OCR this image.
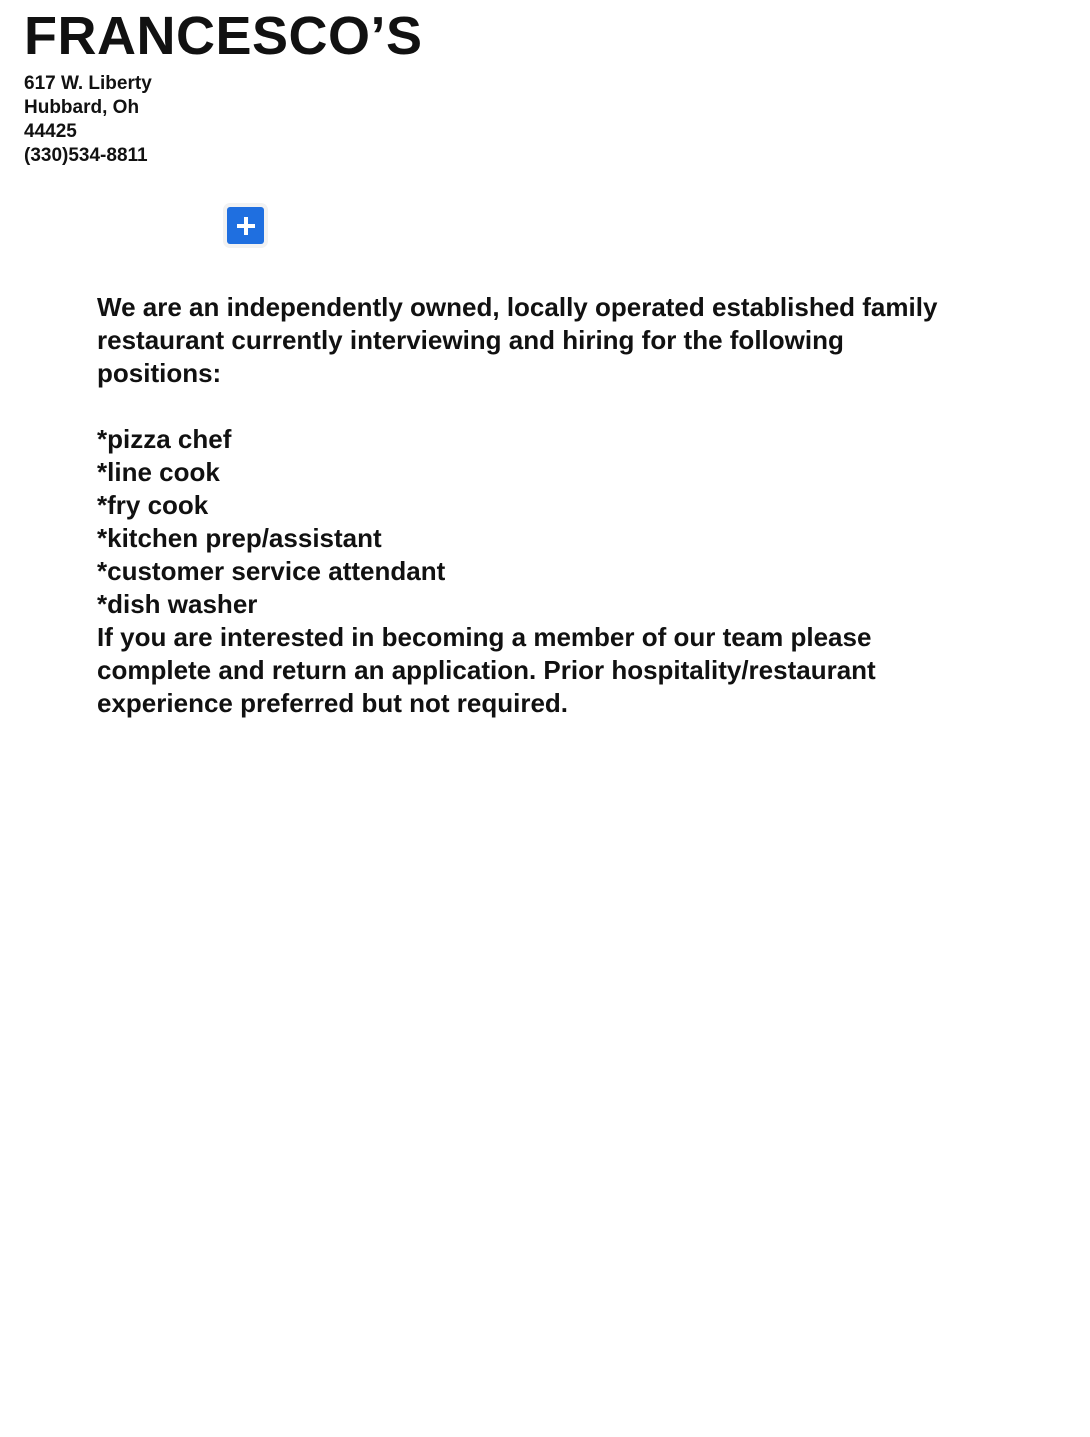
FRANCESCO’S
617 W. Liberty
Hubbard, Oh
44425
(330)534-8811

We are an independently owned, locally operated established family restaurant currently interviewing and hiring for the following positions:

*pizza chef
*line cook
*fry cook
*kitchen prep/assistant
*customer service attendant
*dish washer

If you are interested in becoming a member of our team please complete and return an application. Prior hospitality/restaurant experience preferred but not required.
